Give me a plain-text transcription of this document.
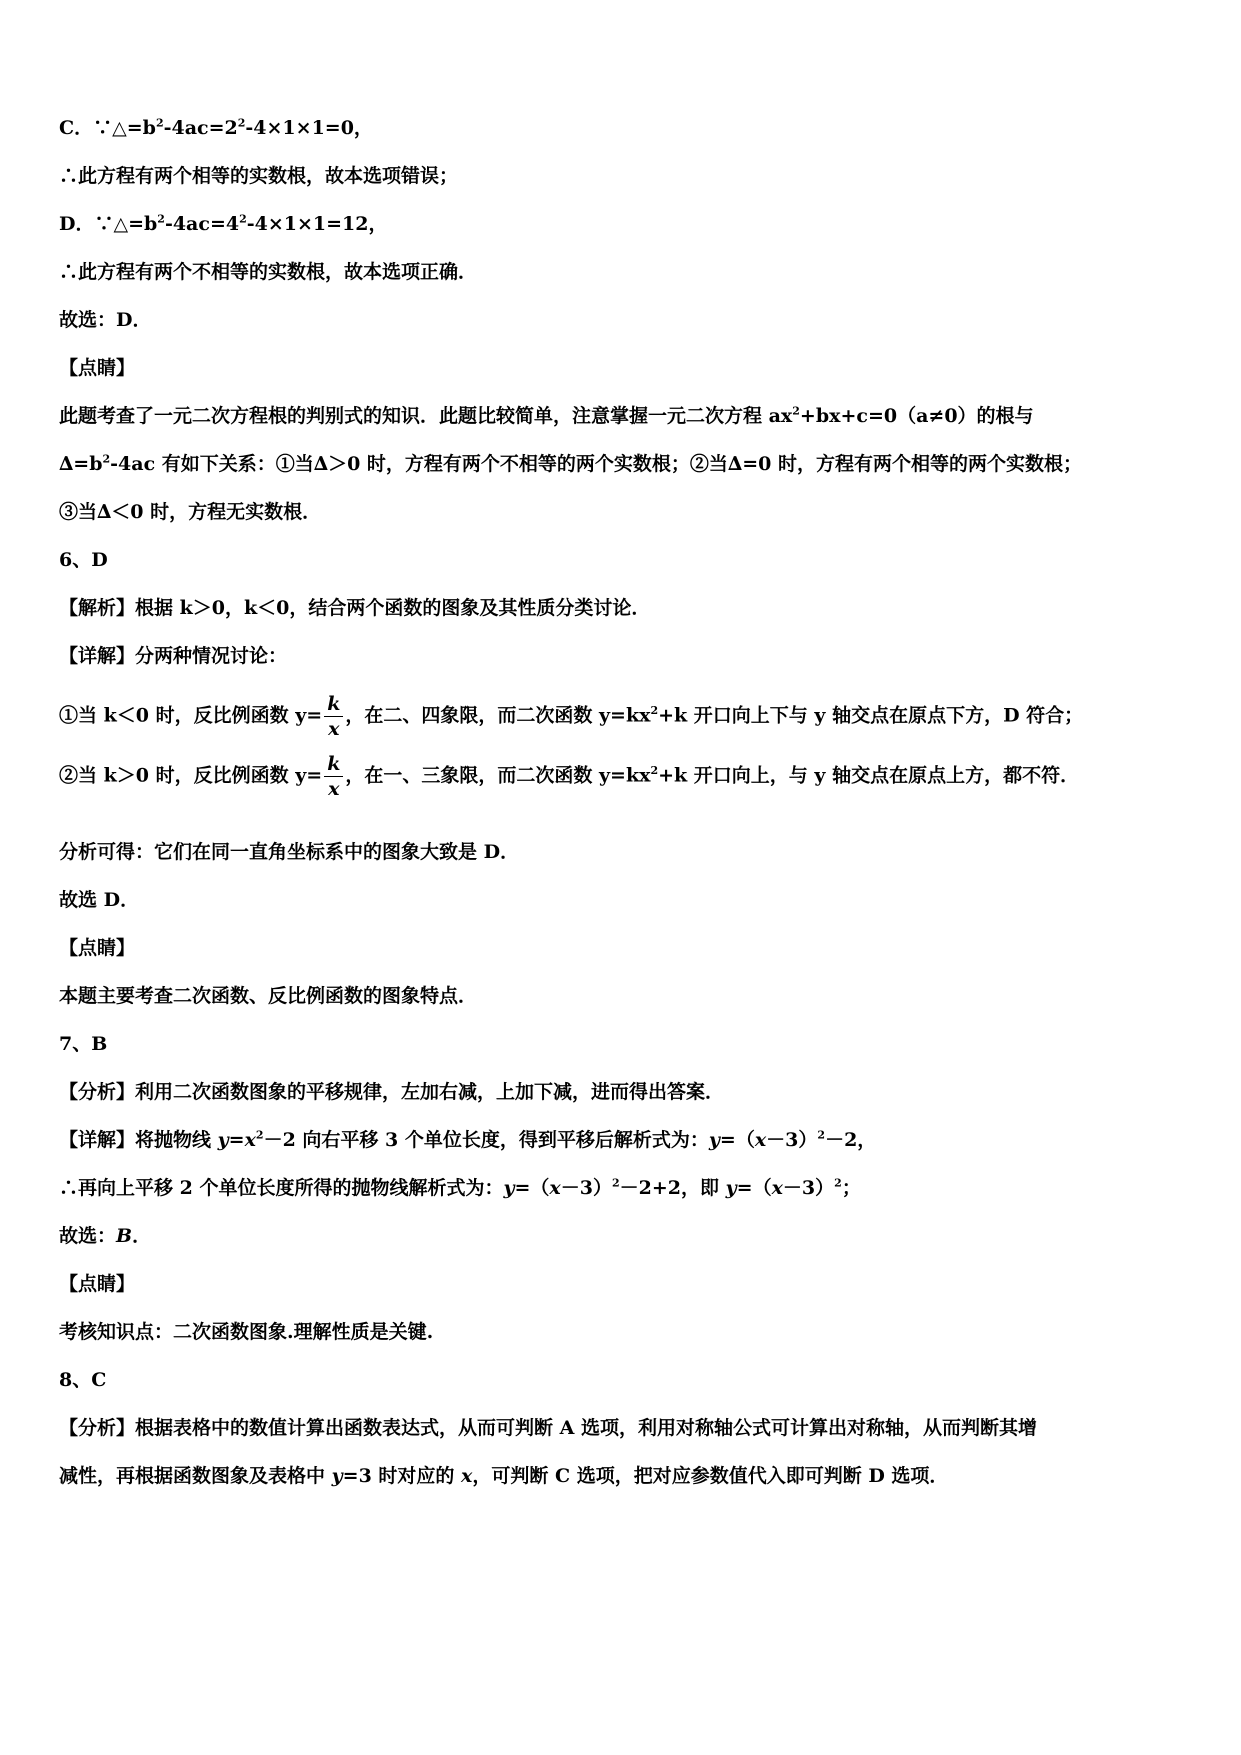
C．$\because\triangle=b^2-4ac=2^2-4\times 1\times 1=0$，
∴此方程有两个相等的实数根，故本选项错误；
D．$\because\triangle=b^2-4ac=4^2-4\times 1\times 1=12$，
∴此方程有两个不相等的实数根，故本选项正确．
故选：D．
【点睛】
此题考查了一元二次方程根的判别式的知识．此题比较简单，注意掌握一元二次方程 $ax^2+bx+c=0(a\ne 0)$的根与
$\Delta=b^2-4ac$ 有如下关系：①当∆＞0 时，方程有两个不相等的两个实数根；②当∆=0 时，方程有两个相等的两个实数根；
③当∆＜0 时，方程无实数根．
6、D
【解析】根据 k＞0，k＜0，结合两个函数的图象及其性质分类讨论．
【详解】分两种情况讨论：
①当 k＜0 时，反比例函数 $y= \frac{k}{x}$ ，在二、四象限，而二次函数 $y=kx^2+k$ 开口向上下与 y 轴交点在原点下方，D 符合；
②当 k＞0 时，反比例函数 $y= \frac{k}{x}$ ，在一、三象限，而二次函数 $y=kx^2+k$ 开口向上，与 y 轴交点在原点上方，都不符．
分析可得：它们在同一直角坐标系中的图象大致是 D．
故选 D．
【点睛】
本题主要考查二次函数、反比例函数的图象特点．
7、B
【分析】利用二次函数图象的平移规律，左加右减，上加下减，进而得出答案．
【详解】将抛物线 $y=x^2-2$ 向右平移 3 个单位长度，得到平移后解析式为：$y=(x-3)^2-2$，
∴再向上平移 2 个单位长度所得的抛物线解析式为：$y=(x-3)^2-2+2$，即 $y=(x-3)^2$；
故选：B．
【点睛】
考核知识点：二次函数图象.理解性质是关键.
8、C
【分析】根据表格中的数值计算出函数表达式，从而可判断 A 选项，利用对称轴公式可计算出对称轴，从而判断其增
减性，再根据函数图象及表格中 y=3 时对应的 x，可判断 C 选项，把对应参数值代入即可判断 D 选项．
